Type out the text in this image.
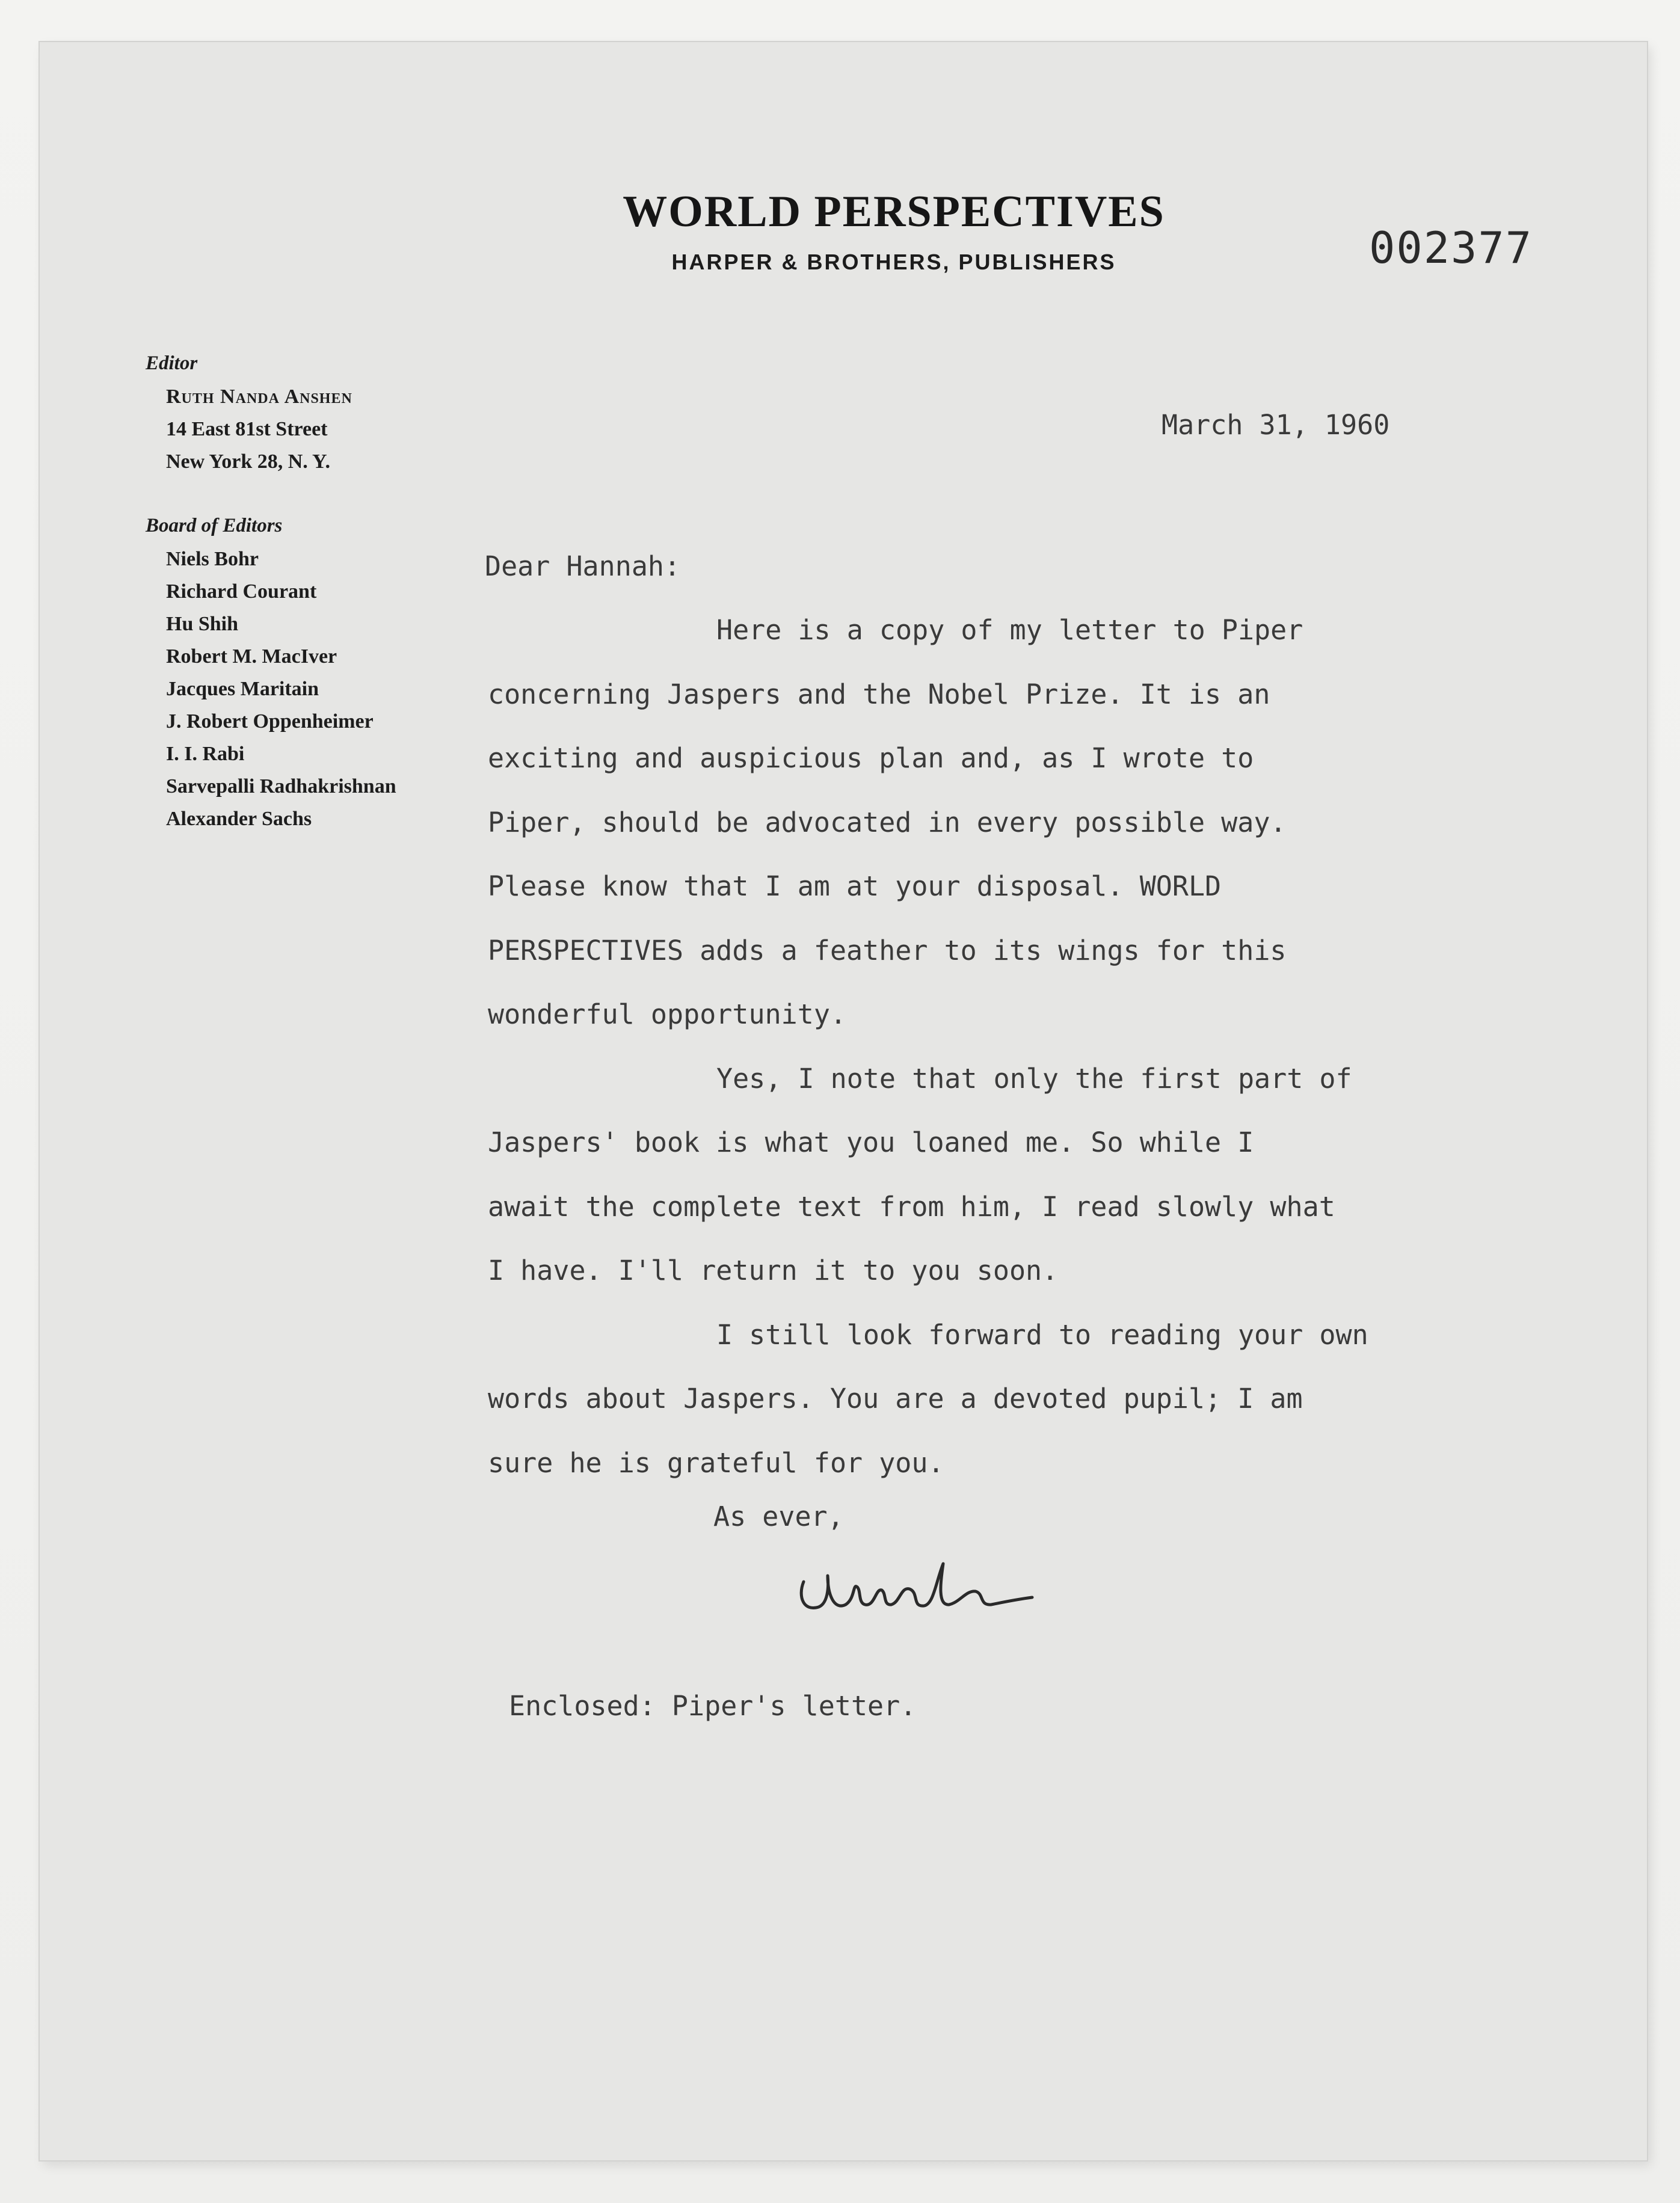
WORLD PERSPECTIVES
HARPER & BROTHERS, PUBLISHERS	002377
Editor
Ruth Nanda Anshen
14 East 81st Street
New York 28, N. Y.
Board of Editors
Niels Bohr
Richard Courant
Hu Shih
Robert M. MacIver
Jacques Maritain
J. Robert Oppenheimer
I. I. Rabi
Sarvepalli Radhakrishnan
Alexander Sachs
March 31, 1960
Dear Hannah:
Here is a copy of my letter to Piper
concerning Jaspers and the Nobel Prize. It is an
exciting and auspicious plan and, as I wrote to
Piper, should be advocated in every possible way.
Please know that I am at your disposal. WORLD
PERSPECTIVES adds a feather to its wings for this
wonderful opportunity.
Yes, I note that only the first part of
Jaspers' book is what you loaned me. So while I
await the complete text from him, I read slowly what
I have. I'll return it to you soon.
I still look forward to reading your own
words about Jaspers. You are a devoted pupil; I am
sure he is grateful for you.
As ever,
Enclosed: Piper's letter.
